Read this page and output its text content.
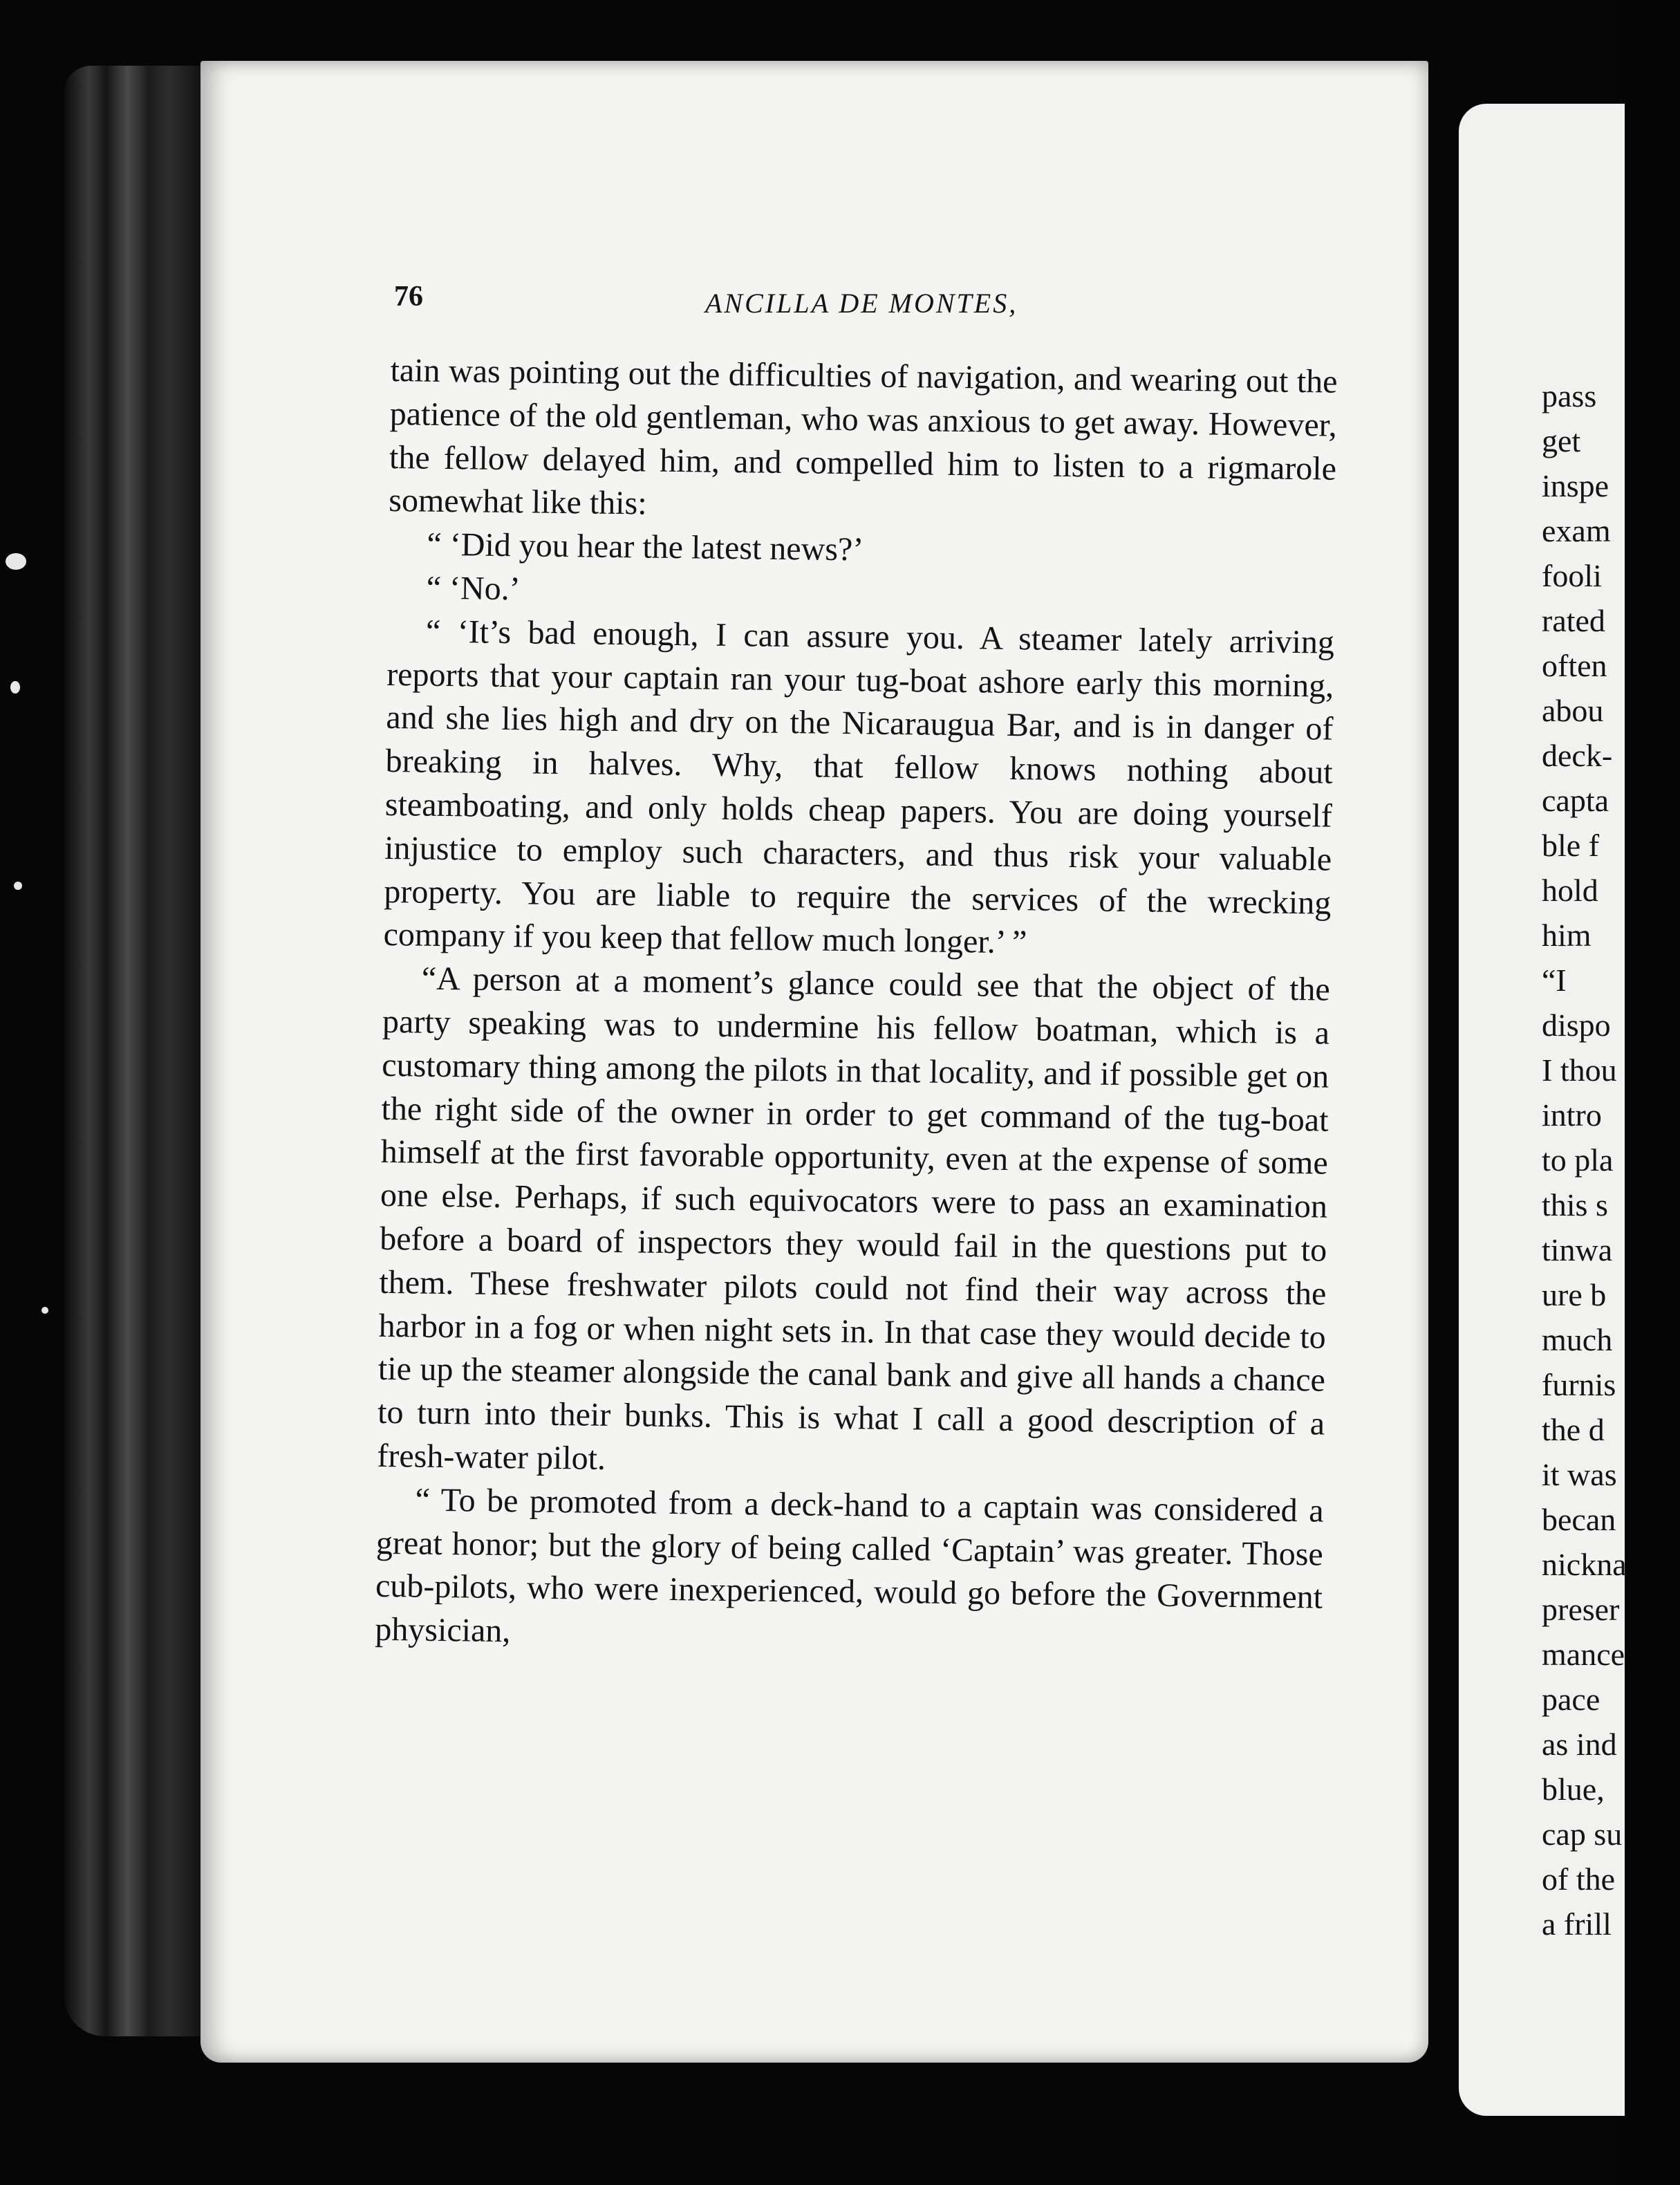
76	ANCILLA DE MONTES,

tain was pointing out the difficulties of navigation, and wearing out the patience of the old gentleman, who was anxious to get away. However, the fellow delayed him, and compelled him to listen to a rigmarole somewhat like this:

“ ‘Did you hear the latest news?’

“ ‘No.’

“ ‘It’s bad enough, I can assure you. A steamer lately arriving reports that your captain ran your tug-boat ashore early this morning, and she lies high and dry on the Nicaraugua Bar, and is in danger of breaking in halves. Why, that fellow knows nothing about steamboating, and only holds cheap papers. You are doing yourself injustice to employ such characters, and thus risk your valuable property. You are liable to require the services of the wrecking company if you keep that fellow much longer.’ ”

“A person at a moment’s glance could see that the object of the party speaking was to undermine his fellow boatman, which is a customary thing among the pilots in that locality, and if possible get on the right side of the owner in order to get command of the tug-boat himself at the first favorable opportunity, even at the expense of some one else. Perhaps, if such equivocators were to pass an examination before a board of inspectors they would fail in the questions put to them. These freshwater pilots could not find their way across the harbor in a fog or when night sets in. In that case they would decide to tie up the steamer alongside the canal bank and give all hands a chance to turn into their bunks. This is what I call a good description of a fresh-water pilot.

“ To be promoted from a deck-hand to a captain was considered a great honor; but the glory of being called ‘Captain’ was greater. Those cub-pilots, who were inexperienced, would go before the Government physician,

pass
get
inspe
exam
fooli
rated
often
abou
deck-
capta
ble f
hold
him
“I
dispo
I thou
intro
to pla
this s
tinwa
ure b
much
furnis
the d
it was
becan
nickna
preser
mance
pace
as ind
blue,
cap su
of the
a frill
